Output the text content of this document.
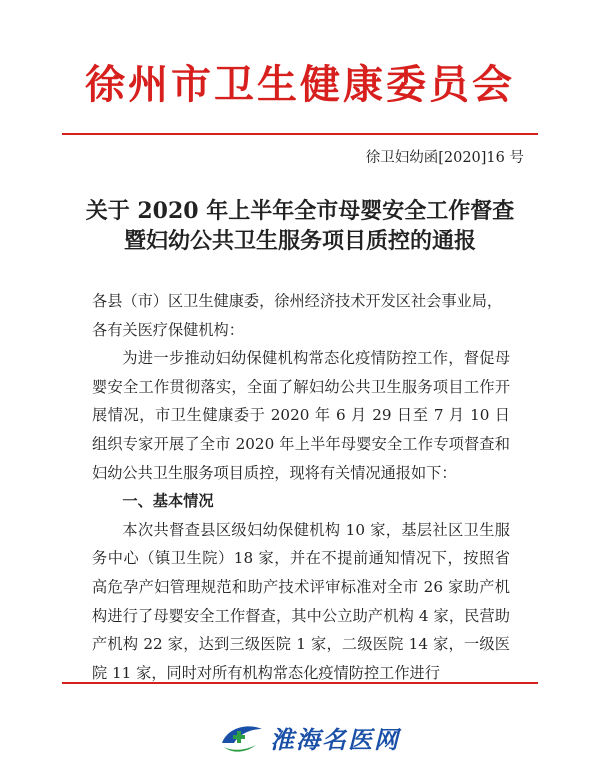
徐州市卫生健康委员会
徐卫妇幼函[2020]16 号
关于 2020 年上半年全市母婴安全工作督查
暨妇幼公共卫生服务项目质控的通报

各县（市）区卫生健康委，徐州经济技术开发区社会事业局，

各有关医疗保健机构：

为进一步推动妇幼保健机构常态化疫情防控工作，督促母婴安全工作贯彻落实，全面了解妇幼公共卫生服务项目工作开展情况，市卫生健康委于 2020 年 6 月 29 日至 7 月 10 日组织专家开展了全市 2020 年上半年母婴安全工作专项督查和妇幼公共卫生服务项目质控，现将有关情况通报如下：

一、基本情况

本次共督查县区级妇幼保健机构 10 家，基层社区卫生服务中心（镇卫生院）18 家，并在不提前通知情况下，按照省高危孕产妇管理规范和助产技术评审标准对全市 26 家助产机构进行了母婴安全工作督查，其中公立助产机构 4 家，民营助产机构 22 家，达到三级医院 1 家，二级医院 14 家，一级医院 11 家，同时对所有机构常态化疫情防控工作进行

淮海名医网
